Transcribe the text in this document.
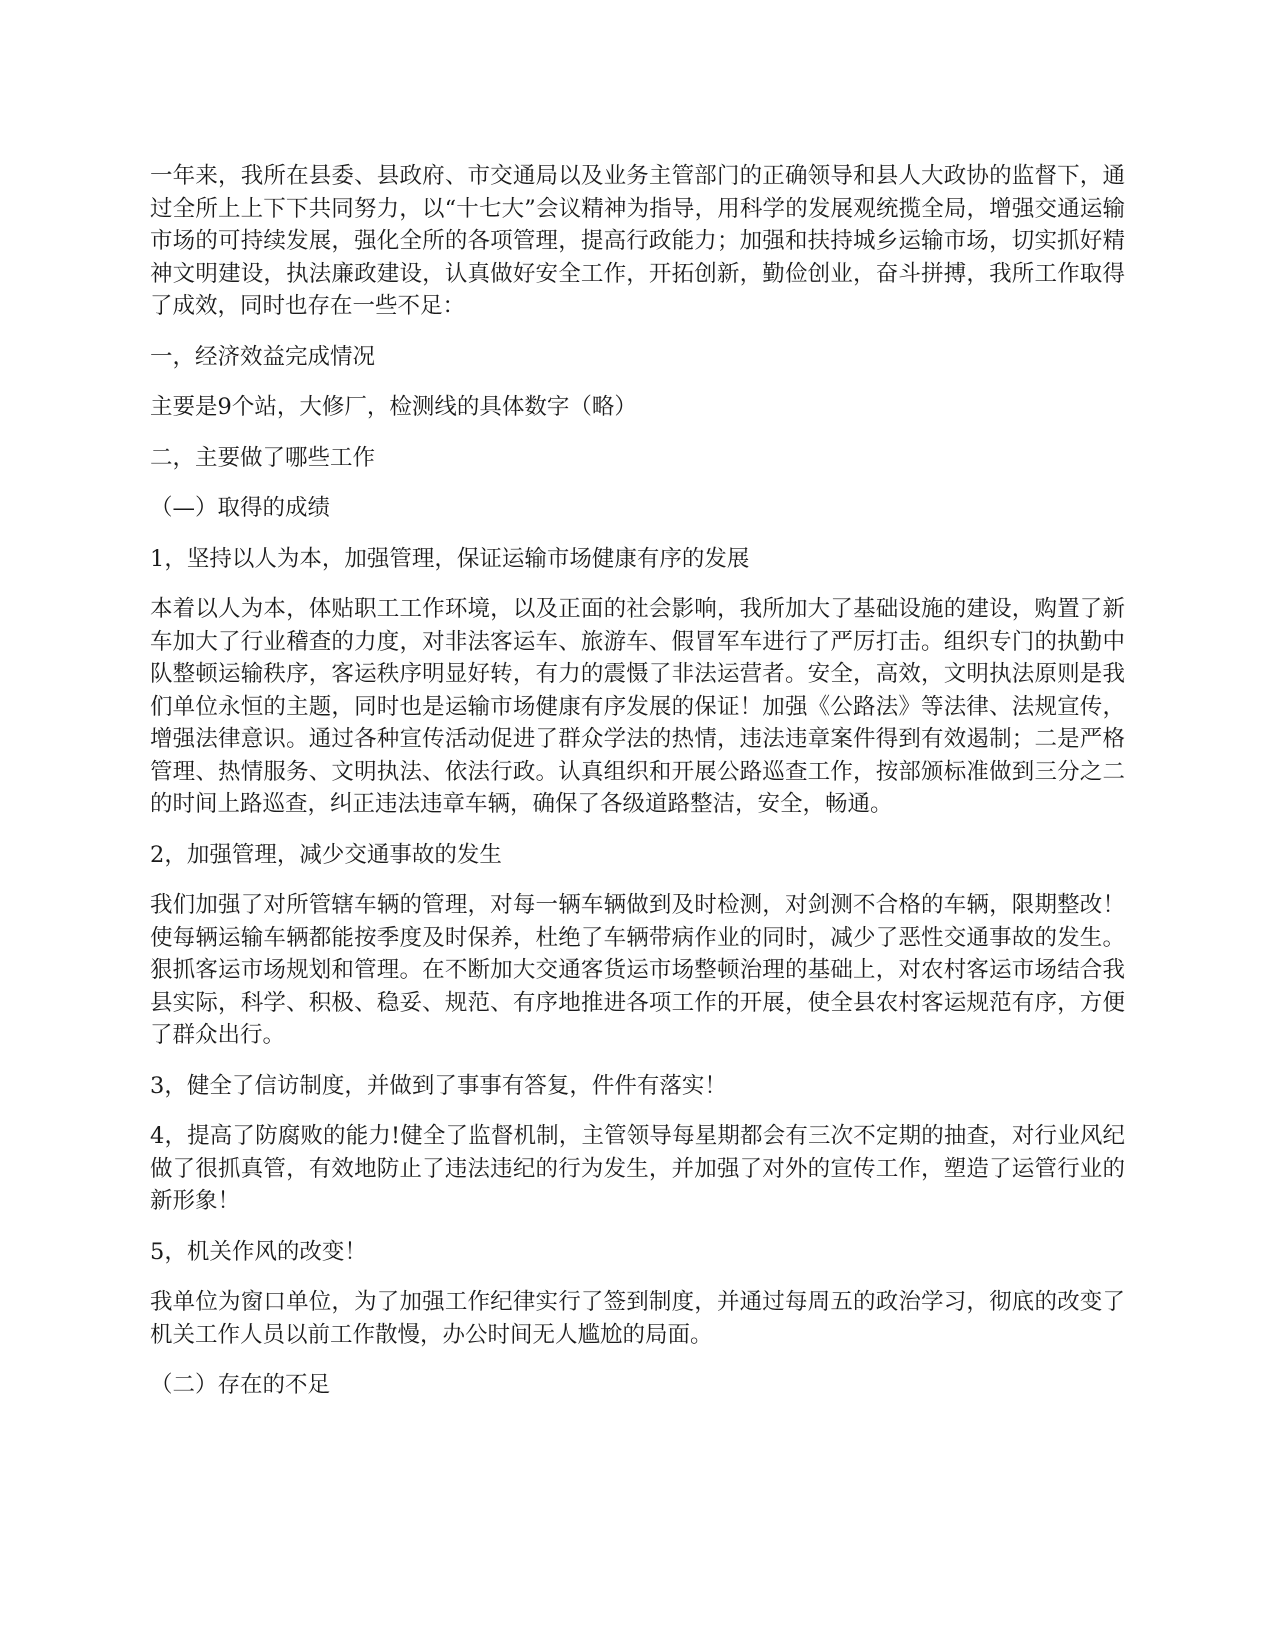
一年来，我所在县委、县政府、市交通局以及业务主管部门的正确领导和县人大政协的监督下，通过全所上上下下共同努力，以“十七大”会议精神为指导，用科学的发展观统揽全局，增强交通运输市场的可持续发展，强化全所的各项管理，提高行政能力；加强和扶持城乡运输市场，切实抓好精神文明建设，执法廉政建设，认真做好安全工作，开拓创新，勤俭创业，奋斗拼搏，我所工作取得了成效，同时也存在一些不足：

一，经济效益完成情况

主要是9个站，大修厂，检测线的具体数字（略）

二，主要做了哪些工作

（—）取得的成绩

1，坚持以人为本，加强管理，保证运输市场健康有序的发展

本着以人为本，体贴职工工作环境，以及正面的社会影响，我所加大了基础设施的建设，购置了新车加大了行业稽查的力度，对非法客运车、旅游车、假冒军车进行了严厉打击。组织专门的执勤中队整顿运输秩序，客运秩序明显好转，有力的震慑了非法运营者。安全，高效，文明执法原则是我们单位永恒的主题，同时也是运输市场健康有序发展的保证！加强《公路法》等法律、法规宣传，增强法律意识。通过各种宣传活动促进了群众学法的热情，违法违章案件得到有效遏制；二是严格管理、热情服务、文明执法、依法行政。认真组织和开展公路巡查工作，按部颁标准做到三分之二的时间上路巡查，纠正违法违章车辆，确保了各级道路整洁，安全，畅通。

2，加强管理，减少交通事故的发生

我们加强了对所管辖车辆的管理，对每一辆车辆做到及时检测，对剑测不合格的车辆，限期整改！使每辆运输车辆都能按季度及时保养，杜绝了车辆带病作业的同时，减少了恶性交通事故的发生。狠抓客运市场规划和管理。在不断加大交通客货运市场整顿治理的基础上，对农村客运市场结合我县实际，科学、积极、稳妥、规范、有序地推进各项工作的开展，使全县农村客运规范有序，方便了群众出行。

3，健全了信访制度，并做到了事事有答复，件件有落实！

4，提高了防腐败的能力!健全了监督机制，主管领导每星期都会有三次不定期的抽查，对行业风纪做了很抓真管，有效地防止了违法违纪的行为发生，并加强了对外的宣传工作，塑造了运管行业的新形象！

5，机关作风的改变！

我单位为窗口单位，为了加强工作纪律实行了签到制度，并通过每周五的政治学习，彻底的改变了机关工作人员以前工作散慢，办公时间无人尴尬的局面。

（二）存在的不足
